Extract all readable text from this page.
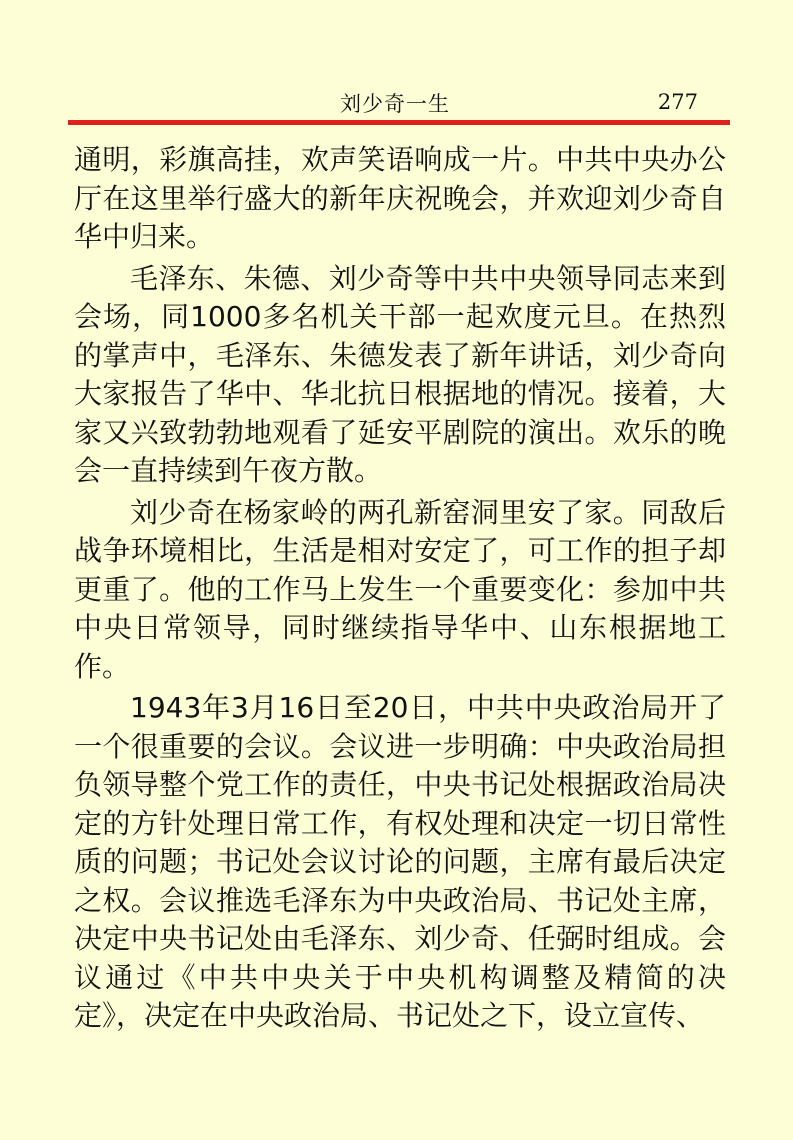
刘少奇一生	277

通明，彩旗高挂，欢声笑语响成一片。中共中央办公厅在这里举行盛大的新年庆祝晚会，并欢迎刘少奇自华中归来。

毛泽东、朱德、刘少奇等中共中央领导同志来到会场，同1000多名机关干部一起欢度元旦。在热烈的掌声中，毛泽东、朱德发表了新年讲话，刘少奇向大家报告了华中、华北抗日根据地的情况。接着，大家又兴致勃勃地观看了延安平剧院的演出。欢乐的晚会一直持续到午夜方散。

刘少奇在杨家岭的两孔新窑洞里安了家。同敌后战争环境相比，生活是相对安定了，可工作的担子却更重了。他的工作马上发生一个重要变化：参加中共中央日常领导，同时继续指导华中、山东根据地工作。

1943年3月16日至20日，中共中央政治局开了一个很重要的会议。会议进一步明确：中央政治局担负领导整个党工作的责任，中央书记处根据政治局决定的方针处理日常工作，有权处理和决定一切日常性质的问题；书记处会议讨论的问题，主席有最后决定之权。会议推选毛泽东为中央政治局、书记处主席，决定中央书记处由毛泽东、刘少奇、任弼时组成。会议通过《中共中央关于中央机构调整及精简的决定》，决定在中央政治局、书记处之下，设立宣传、
